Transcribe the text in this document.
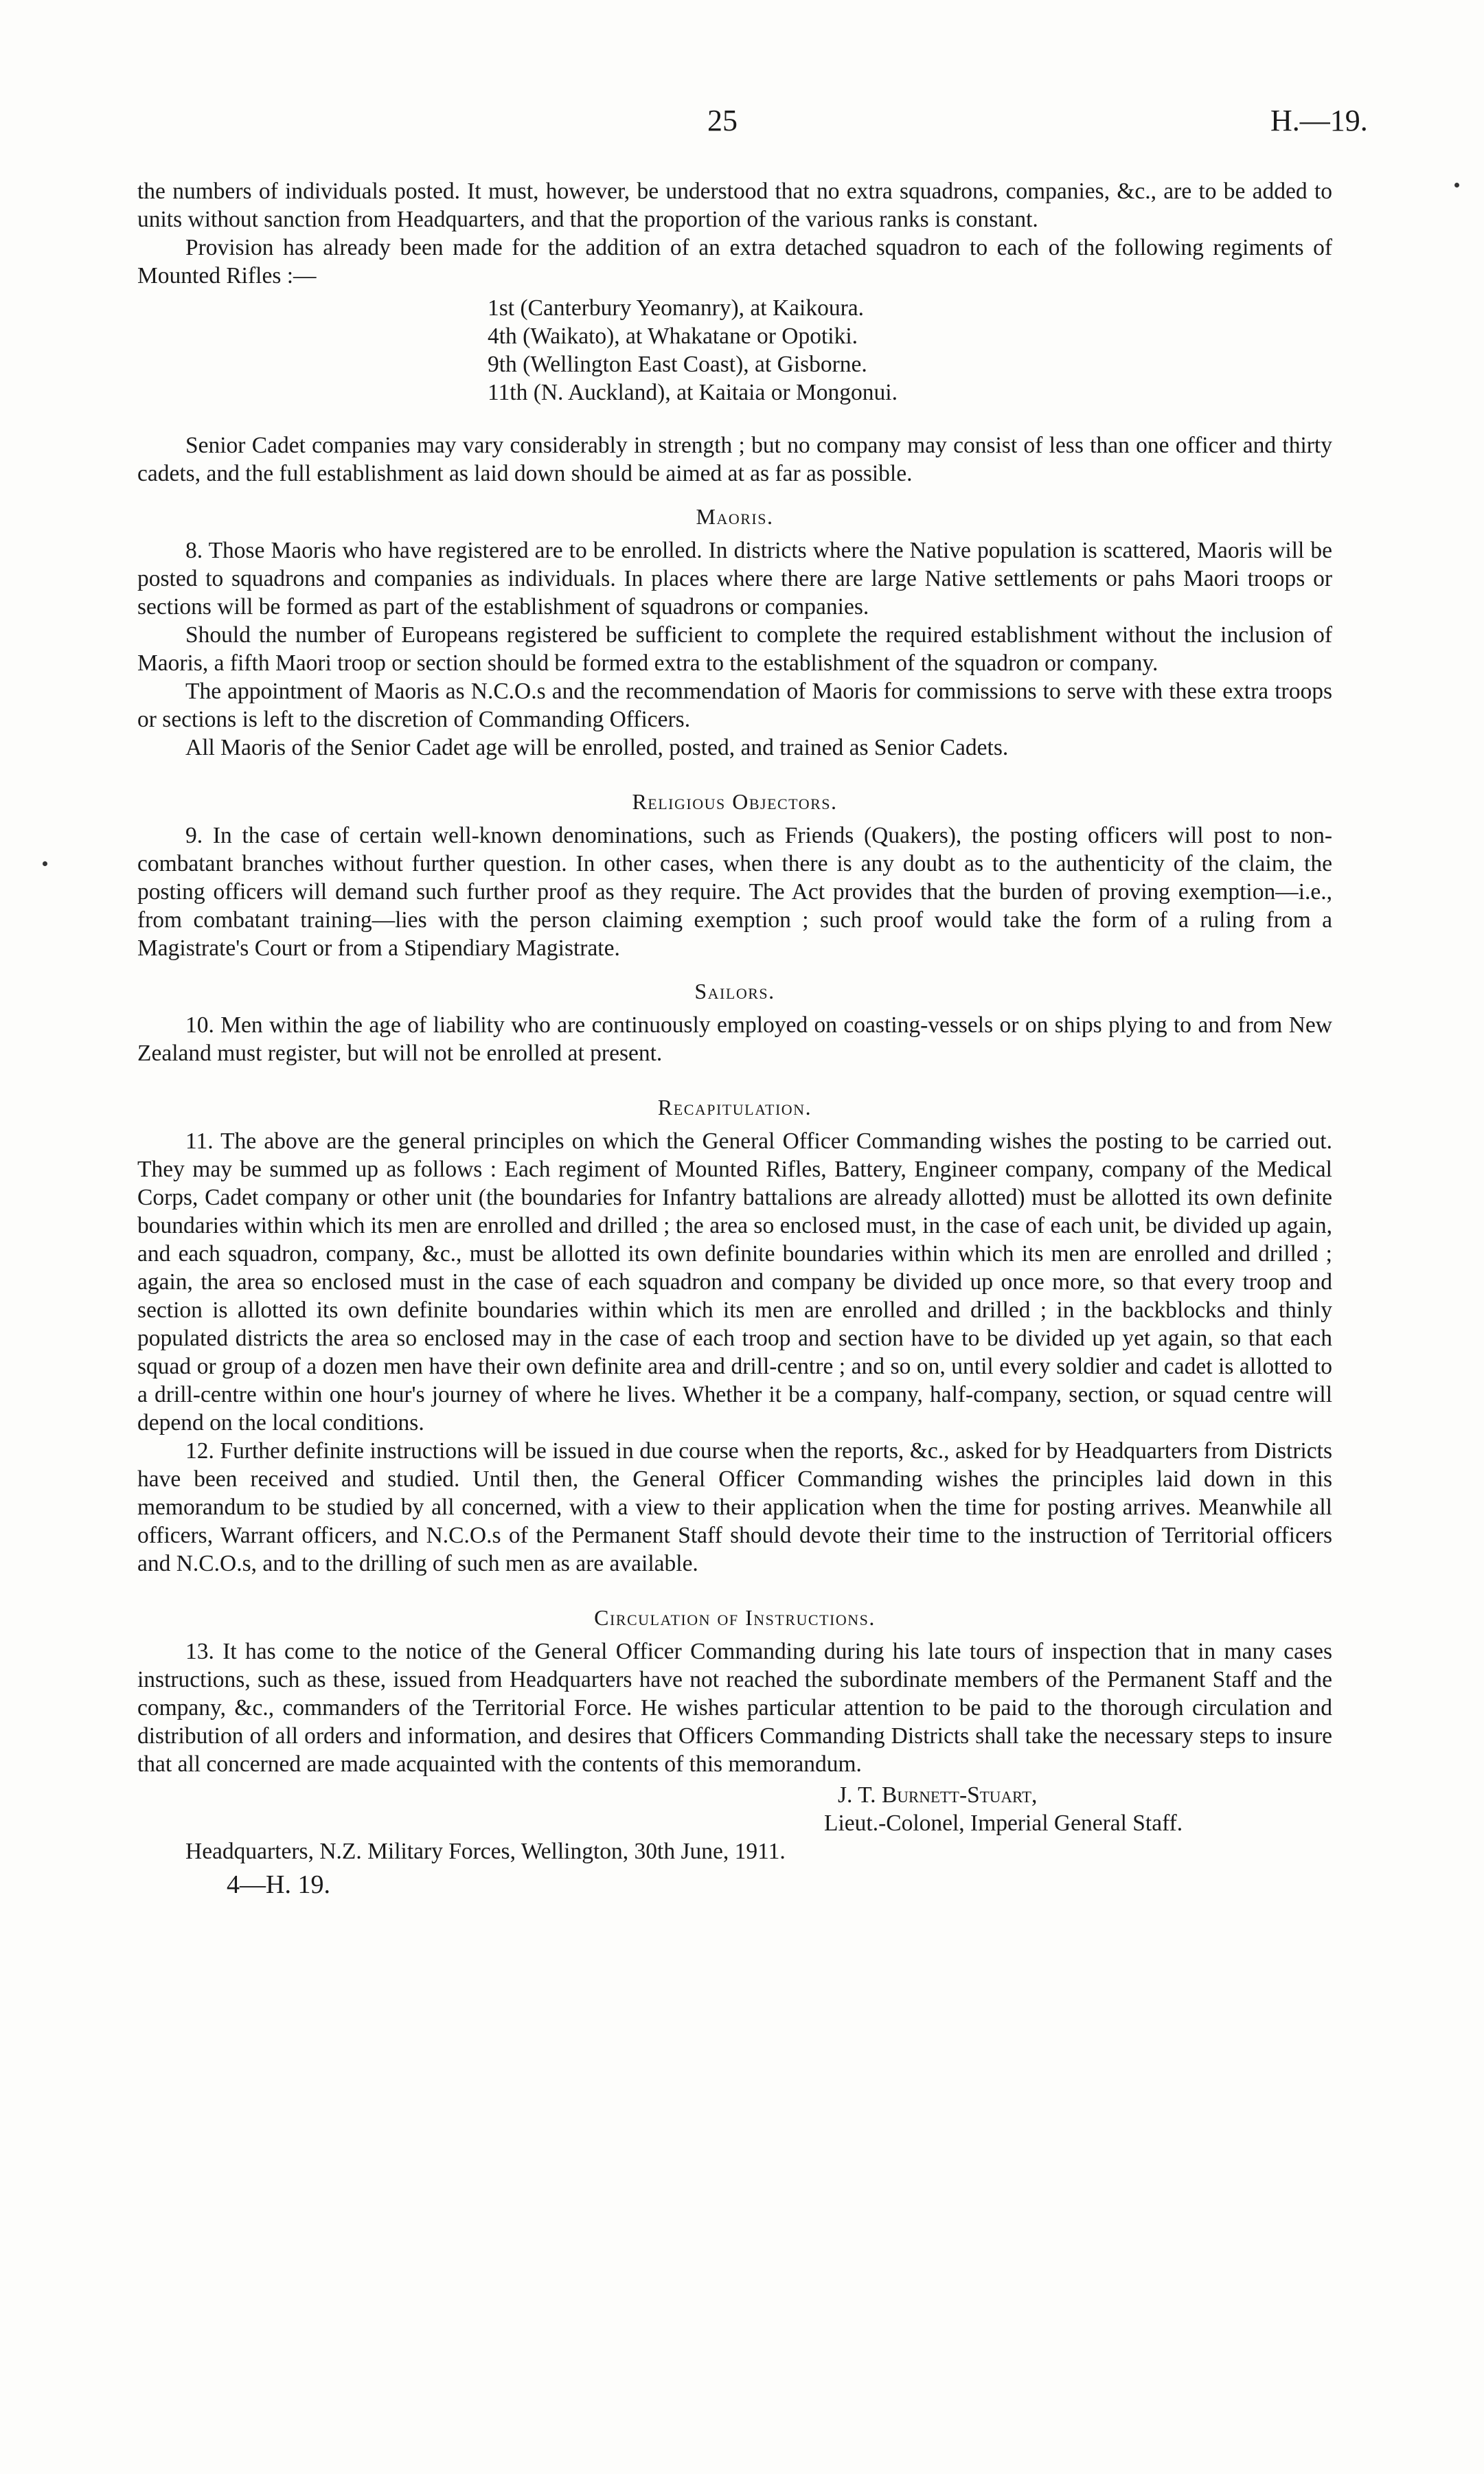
25	H.—19.

the numbers of individuals posted. It must, however, be understood that no extra squadrons, companies, &c., are to be added to units without sanction from Headquarters, and that the proportion of the various ranks is constant.

Provision has already been made for the addition of an extra detached squadron to each of the following regiments of Mounted Rifles :—

1st (Canterbury Yeomanry), at Kaikoura.
4th (Waikato), at Whakatane or Opotiki.
9th (Wellington East Coast), at Gisborne.
11th (N. Auckland), at Kaitaia or Mongonui.

Senior Cadet companies may vary considerably in strength ; but no company may consist of less than one officer and thirty cadets, and the full establishment as laid down should be aimed at as far as possible.

Maoris.

8. Those Maoris who have registered are to be enrolled. In districts where the Native population is scattered, Maoris will be posted to squadrons and companies as individuals. In places where there are large Native settlements or pahs Maori troops or sections will be formed as part of the establishment of squadrons or companies.

Should the number of Europeans registered be sufficient to complete the required establishment without the inclusion of Maoris, a fifth Maori troop or section should be formed extra to the establishment of the squadron or company.

The appointment of Maoris as N.C.O.s and the recommendation of Maoris for commissions to serve with these extra troops or sections is left to the discretion of Commanding Officers.

All Maoris of the Senior Cadet age will be enrolled, posted, and trained as Senior Cadets.

Religious Objectors.

9. In the case of certain well-known denominations, such as Friends (Quakers), the posting officers will post to non-combatant branches without further question. In other cases, when there is any doubt as to the authenticity of the claim, the posting officers will demand such further proof as they require. The Act provides that the burden of proving exemption—i.e., from combatant training—lies with the person claiming exemption ; such proof would take the form of a ruling from a Magistrate's Court or from a Stipendiary Magistrate.

Sailors.

10. Men within the age of liability who are continuously employed on coasting-vessels or on ships plying to and from New Zealand must register, but will not be enrolled at present.

Recapitulation.

11. The above are the general principles on which the General Officer Commanding wishes the posting to be carried out. They may be summed up as follows : Each regiment of Mounted Rifles, Battery, Engineer company, company of the Medical Corps, Cadet company or other unit (the boundaries for Infantry battalions are already allotted) must be allotted its own definite boundaries within which its men are enrolled and drilled ; the area so enclosed must, in the case of each unit, be divided up again, and each squadron, company, &c., must be allotted its own definite boundaries within which its men are enrolled and drilled ; again, the area so enclosed must in the case of each squadron and company be divided up once more, so that every troop and section is allotted its own definite boundaries within which its men are enrolled and drilled ; in the backblocks and thinly populated districts the area so enclosed may in the case of each troop and section have to be divided up yet again, so that each squad or group of a dozen men have their own definite area and drill-centre ; and so on, until every soldier and cadet is allotted to a drill-centre within one hour's journey of where he lives. Whether it be a company, half-company, section, or squad centre will depend on the local conditions.

12. Further definite instructions will be issued in due course when the reports, &c., asked for by Headquarters from Districts have been received and studied. Until then, the General Officer Commanding wishes the principles laid down in this memorandum to be studied by all concerned, with a view to their application when the time for posting arrives. Meanwhile all officers, Warrant officers, and N.C.O.s of the Permanent Staff should devote their time to the instruction of Territorial officers and N.C.O.s, and to the drilling of such men as are available.

Circulation of Instructions.

13. It has come to the notice of the General Officer Commanding during his late tours of inspection that in many cases instructions, such as these, issued from Headquarters have not reached the subordinate members of the Permanent Staff and the company, &c., commanders of the Territorial Force. He wishes particular attention to be paid to the thorough circulation and distribution of all orders and information, and desires that Officers Commanding Districts shall take the necessary steps to insure that all concerned are made acquainted with the contents of this memorandum.

J. T. Burnett-Stuart,
Lieut.-Colonel, Imperial General Staff.
Headquarters, N.Z. Military Forces, Wellington, 30th June, 1911.
4—H. 19.
